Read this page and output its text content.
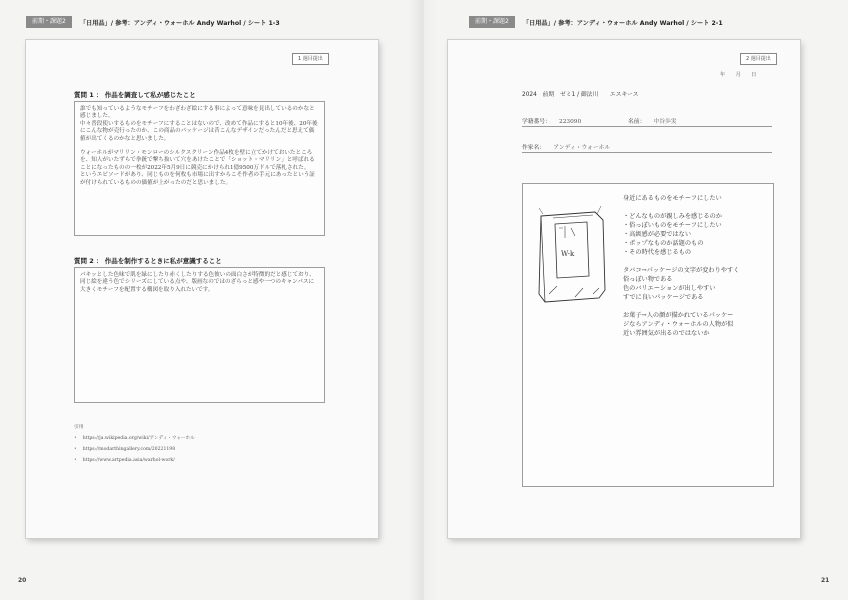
前期・課題2	「日用品」/ 参考：アンディ・ウォーホル Andy Warhol / シート 1-3
1 週目提出
質問 1 ： 作品を調査して私が感じたこと

誰でも知っているようなモチーフをわざわざ絵にする事によって意味を見出しているのかなと感じました。
中々普段使いするものをモチーフにすることはないので、改めて作品にすると10年後、20年後にこんな物が売行ったのか、この商品のパッケージは昔こんなデザインだったんだと思えて価値が出てくるのかなと思いました。

ウォーホルがマリリン・モンローのシルクスクリーン作品4枚を壁に立てかけておいたところを、知人がいたずらで拳銃で撃ち抜いて穴をあけたことで「ショット・マリリン」と呼ばれることになったものの一枚が2022年5月9日に競売にかけられ1億9500万ドルで落札された。
というエピソードがあり、同じものを何枚も市場に出すからこそ作者の手元にあったという証が付けられているものの価値が上がったのだと思いました。

質問 2 ： 作品を制作するときに私が意識すること

パキッとした色味で肌を緑にしたり赤くしたりする色彼いの面白さが特徴的だと感じており、同じ絵を違う色でシリーズにしている点や、版画なのではのざらっと感や一つのキャンバスに大きくモチーフを配置する構図を取り入れたいです。

引用
• https://ja.wikipedia.org/wiki/アンディ・ウォーホル
• https://modarthingallery.com/20221198
• https://www.artpedia.asia/warhol-work/
20
前期・課題2	「日用品」/ 参考：アンディ・ウォーホル Andy Warhol / シート 2-1
21
2 週目提出
年　　月　　日
2024　前期　ゼミ1 / 御法川　　エスキース
学籍番号： 223090	名前： 中谷歩実
作家名： アンディ・ウォーホル
W-k
身近にあるものをモチーフにしたい
・どんなものが親しみを感じるのか
・俗っぽいものをモチーフにしたい
・高級感が必要ではない
・ポップなものか話題のもの
・その時代を感じるもの
タバコ→パッケージの文字が変わりやすく
俗っぽい物である
色のバリエーションが出しやすい
すでに良いパッケージである
お菓子→人の顔が描かれているパッケー
ジならアンディ・ウォーホルの人物が似
近い雰囲気が出るのではないか
